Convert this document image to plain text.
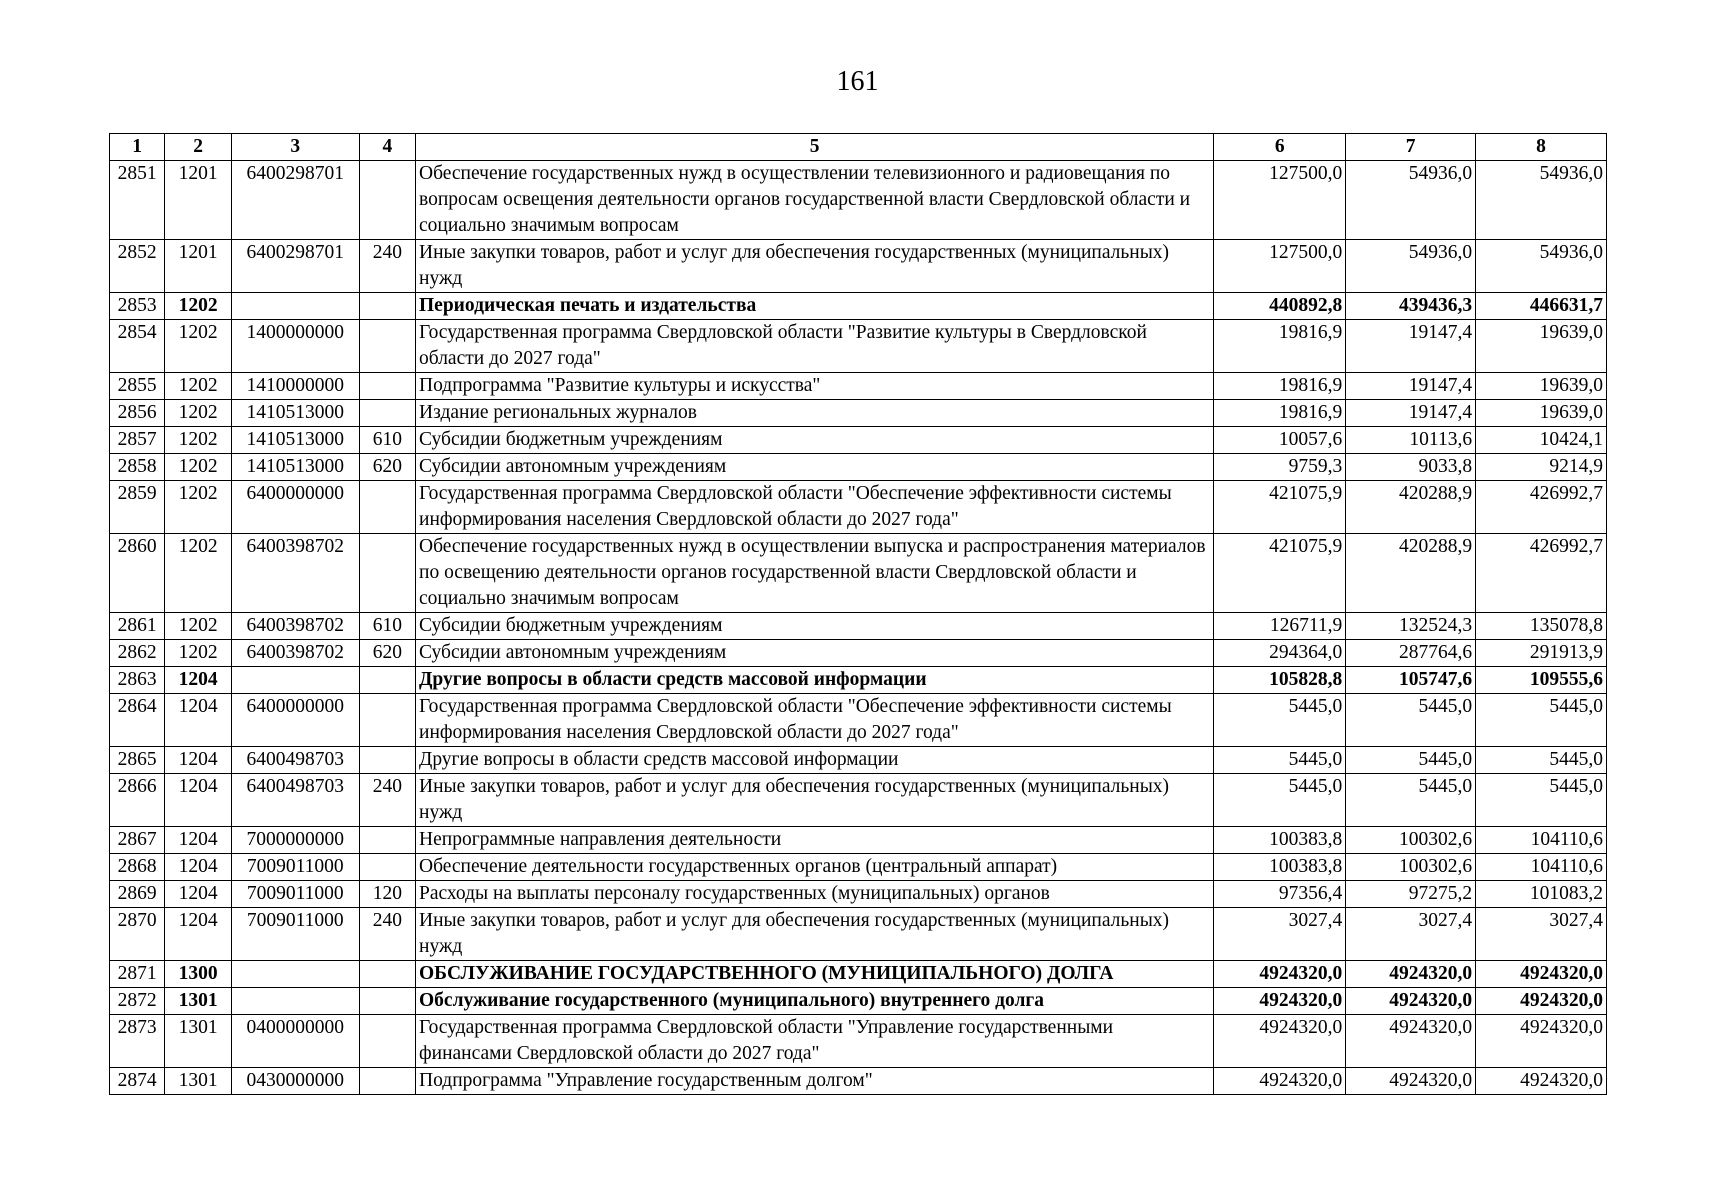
161
1	2	3	4	5	6	7	8
2851	1201	6400298701		Обеспечение государственных нужд в осуществлении телевизионного и радиовещания по вопросам освещения деятельности органов государственной власти Свердловской области и социально значимым вопросам	127500,0	54936,0	54936,0
2852	1201	6400298701	240	Иные закупки товаров, работ и услуг для обеспечения государственных (муниципальных) нужд	127500,0	54936,0	54936,0
2853	1202			Периодическая печать и издательства	440892,8	439436,3	446631,7
2854	1202	1400000000		Государственная программа Свердловской области "Развитие культуры в Свердловской области до 2027 года"	19816,9	19147,4	19639,0
2855	1202	1410000000		Подпрограмма "Развитие культуры и искусства"	19816,9	19147,4	19639,0
2856	1202	1410513000		Издание региональных журналов	19816,9	19147,4	19639,0
2857	1202	1410513000	610	Субсидии бюджетным учреждениям	10057,6	10113,6	10424,1
2858	1202	1410513000	620	Субсидии автономным учреждениям	9759,3	9033,8	9214,9
2859	1202	6400000000		Государственная программа Свердловской области "Обеспечение эффективности системы информирования населения Свердловской области до 2027 года"	421075,9	420288,9	426992,7
2860	1202	6400398702		Обеспечение государственных нужд в осуществлении выпуска и распространения материалов по освещению деятельности органов государственной власти Свердловской области и социально значимым вопросам	421075,9	420288,9	426992,7
2861	1202	6400398702	610	Субсидии бюджетным учреждениям	126711,9	132524,3	135078,8
2862	1202	6400398702	620	Субсидии автономным учреждениям	294364,0	287764,6	291913,9
2863	1204			Другие вопросы в области средств массовой информации	105828,8	105747,6	109555,6
2864	1204	6400000000		Государственная программа Свердловской области "Обеспечение эффективности системы информирования населения Свердловской области до 2027 года"	5445,0	5445,0	5445,0
2865	1204	6400498703		Другие вопросы в области средств массовой информации	5445,0	5445,0	5445,0
2866	1204	6400498703	240	Иные закупки товаров, работ и услуг для обеспечения государственных (муниципальных) нужд	5445,0	5445,0	5445,0
2867	1204	7000000000		Непрограммные направления деятельности	100383,8	100302,6	104110,6
2868	1204	7009011000		Обеспечение деятельности государственных органов (центральный аппарат)	100383,8	100302,6	104110,6
2869	1204	7009011000	120	Расходы на выплаты персоналу государственных (муниципальных) органов	97356,4	97275,2	101083,2
2870	1204	7009011000	240	Иные закупки товаров, работ и услуг для обеспечения государственных (муниципальных) нужд	3027,4	3027,4	3027,4
2871	1300			ОБСЛУЖИВАНИЕ ГОСУДАРСТВЕННОГО (МУНИЦИПАЛЬНОГО) ДОЛГА	4924320,0	4924320,0	4924320,0
2872	1301			Обслуживание государственного (муниципального) внутреннего долга	4924320,0	4924320,0	4924320,0
2873	1301	0400000000		Государственная программа Свердловской области "Управление государственными финансами Свердловской области до 2027 года"	4924320,0	4924320,0	4924320,0
2874	1301	0430000000		Подпрограмма "Управление государственным долгом"	4924320,0	4924320,0	4924320,0
